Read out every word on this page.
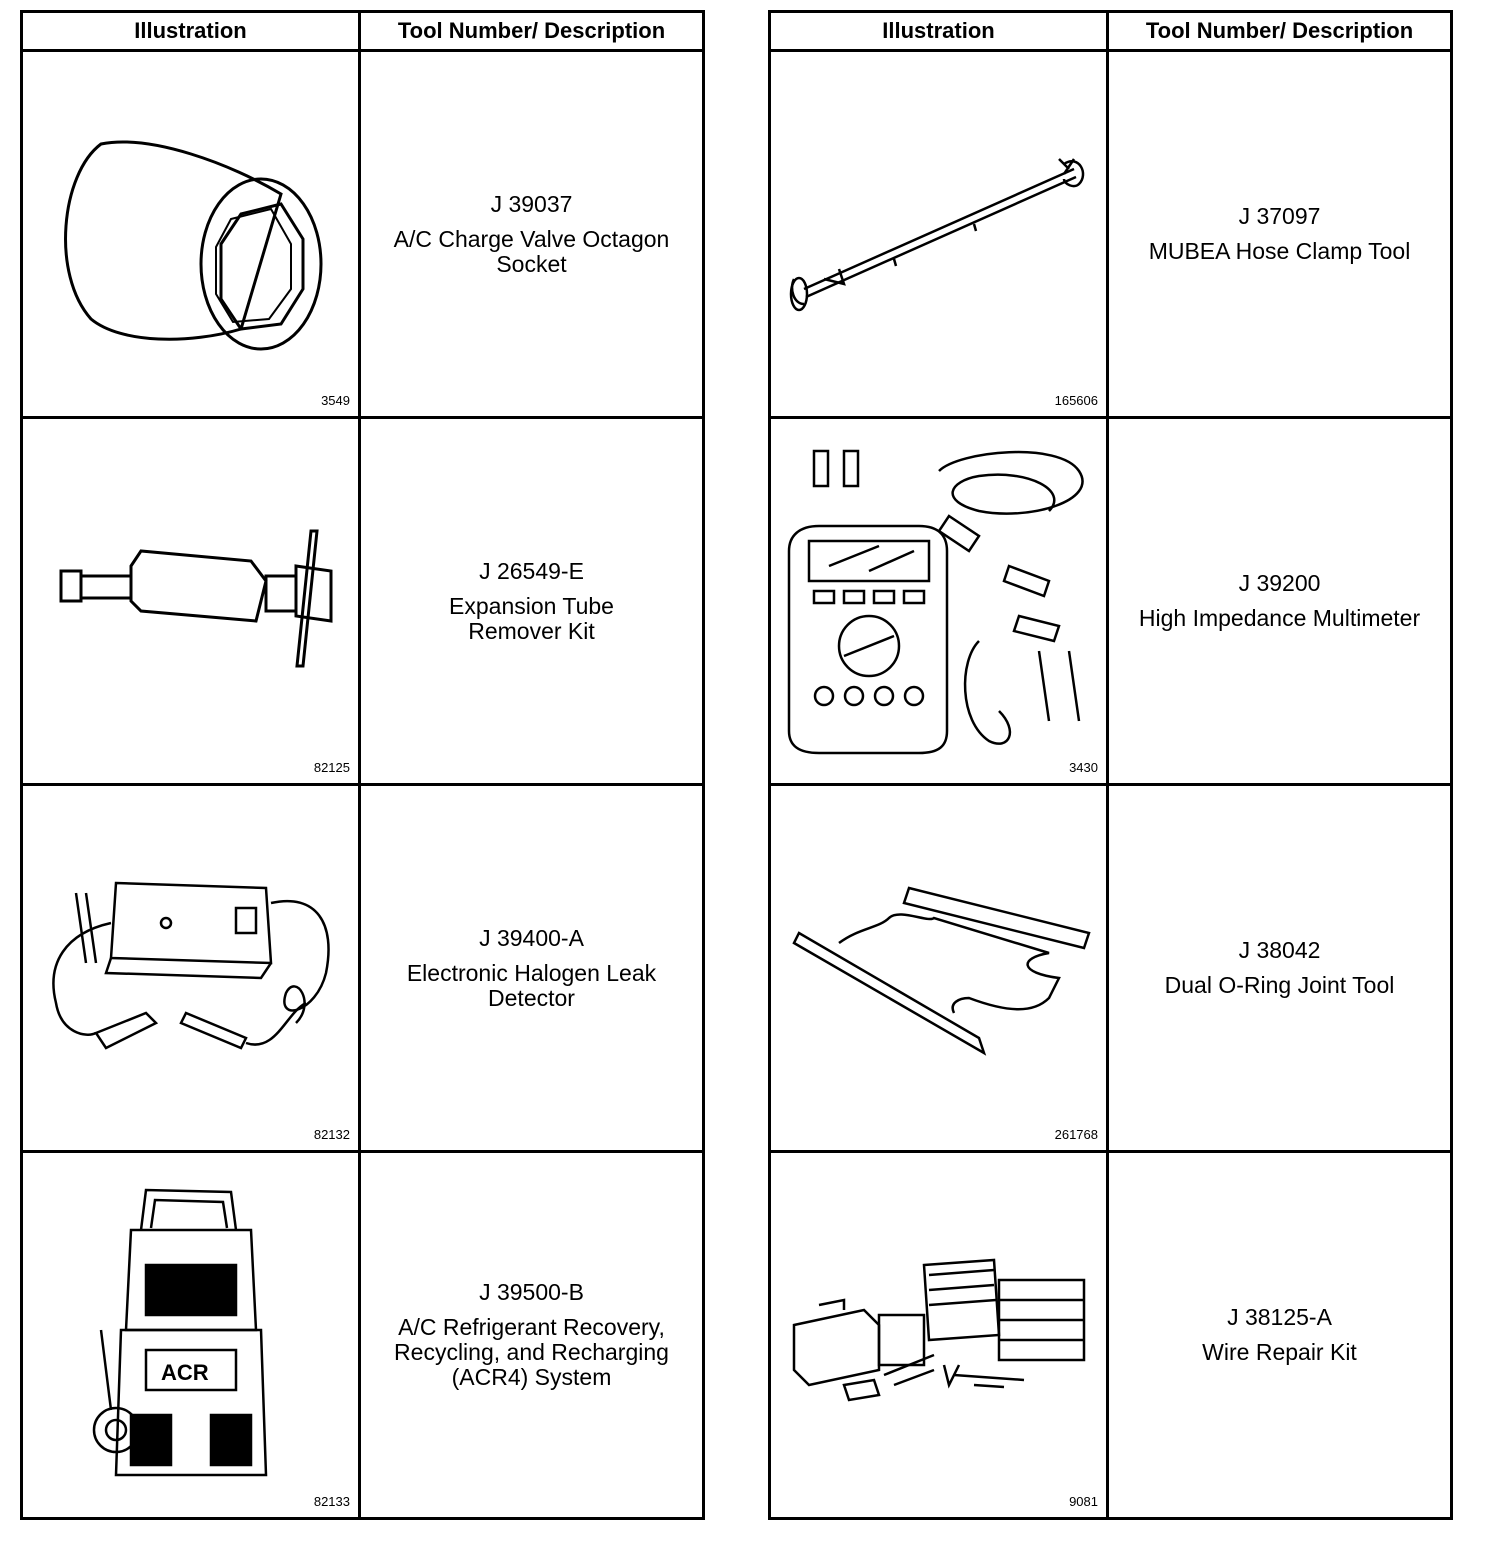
Illustration	Tool Number/ Description

3549	J 39037
A/C Charge Valve Octagon Socket

82125	J 26549-E
Expansion Tube Remover Kit

82132	J 39400-A
Electronic Halogen Leak Detector

ACR
82133	J 39500-B
A/C Refrigerant Recovery, Recycling, and Recharging (ACR4) System
Illustration	Tool Number/ Description

165606	J 37097
MUBEA Hose Clamp Tool

3430	J 39200
High Impedance Multimeter

261768	J 38042
Dual O-Ring Joint Tool

9081	J 38125-A
Wire Repair Kit
